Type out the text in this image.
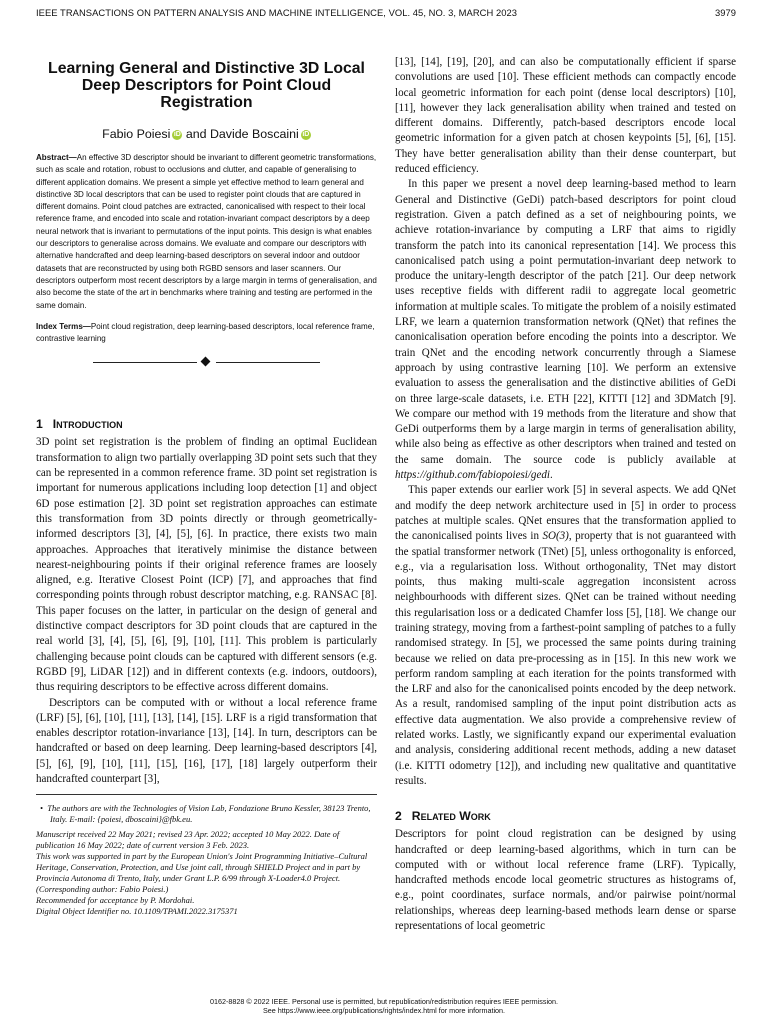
IEEE TRANSACTIONS ON PATTERN ANALYSIS AND MACHINE INTELLIGENCE, VOL. 45, NO. 3, MARCH 2023	3979
Learning General and Distinctive 3D Local Deep Descriptors for Point Cloud Registration
Fabio Poiesi iD and Davide Boscaini iD
Abstract—An effective 3D descriptor should be invariant to different geometric transformations, such as scale and rotation, robust to occlusions and clutter, and capable of generalising to different application domains. We present a simple yet effective method to learn general and distinctive 3D local descriptors that can be used to register point clouds that are captured in different domains. Point cloud patches are extracted, canonicalised with respect to their local reference frame, and encoded into scale and rotation-invariant compact descriptors by a deep neural network that is invariant to permutations of the input points. This design is what enables our descriptors to generalise across domains. We evaluate and compare our descriptors with alternative handcrafted and deep learning-based descriptors on several indoor and outdoor datasets that are reconstructed by using both RGBD sensors and laser scanners. Our descriptors outperform most recent descriptors by a large margin in terms of generalisation, and also become the state of the art in benchmarks where training and testing are performed in the same domain.
Index Terms—Point cloud registration, deep learning-based descriptors, local reference frame, contrastive learning
1 Introduction

3D point set registration is the problem of finding an optimal Euclidean transformation to align two partially overlapping 3D point sets such that they can be represented in a common reference frame. 3D point set registration is important for numerous applications including loop detection [1] and object 6D pose estimation [2]. 3D point set registration approaches can estimate this transformation from 3D points directly or through geometrically-informed descriptors [3], [4], [5], [6]. In practice, there exists two main approaches. Approaches that iteratively minimise the distance between nearest-neighbouring points if their original reference frames are loosely aligned, e.g. Iterative Closest Point (ICP) [7], and approaches that find corresponding points through robust descriptor matching, e.g. RANSAC [8]. This paper focuses on the latter, in particular on the design of general and distinctive compact descriptors for 3D point clouds that are captured in the real world [3], [4], [5], [6], [9], [10], [11]. This problem is particularly challenging because point clouds can be captured with different sensors (e.g. RGBD [9], LiDAR [12]) and in different contexts (e.g. indoors, outdoors), thus requiring descriptors to be effective across different domains.

Descriptors can be computed with or without a local reference frame (LRF) [5], [6], [10], [11], [13], [14], [15]. LRF is a rigid transformation that enables descriptor rotation-invariance [13], [14]. In turn, descriptors can be handcrafted or based on deep learning. Deep learning-based descriptors [4], [5], [6], [9], [10], [11], [15], [16], [17], [18] largely outperform their handcrafted counterpart [3],

•  The authors are with the Technologies of Vision Lab, Fondazione Bruno Kessler, 38123 Trento, Italy. E-mail: {poiesi, dboscaini}@fbk.eu.
Manuscript received 22 May 2021; revised 23 Apr. 2022; accepted 10 May 2022. Date of publication 16 May 2022; date of current version 3 Feb. 2023.
This work was supported in part by the European Union's Joint Programming Initiative–Cultural Heritage, Conservation, Protection, and Use joint call, through SHIELD Project and in part by Provincia Autonoma di Trento, Italy, under Grant L.P. 6/99 through X-Loader4.0 Project.
(Corresponding author: Fabio Poiesi.)
Recommended for acceptance by P. Mordohai.
Digital Object Identifier no. 10.1109/TPAMI.2022.3175371

[13], [14], [19], [20], and can also be computationally efficient if sparse convolutions are used [10]. These efficient methods can compactly encode local geometric information for each point (dense local descriptors) [10], [11], however they lack generalisation ability when trained and tested on different domains. Differently, patch-based descriptors encode local geometric information for a given patch at chosen keypoints [5], [6], [15]. They have better generalisation ability than their dense counterpart, but reduced efficiency.

In this paper we present a novel deep learning-based method to learn General and Distinctive (GeDi) patch-based descriptors for point cloud registration. Given a patch defined as a set of neighbouring points, we achieve rotation-invariance by computing a LRF that aims to rigidly transform the patch into its canonical representation [14]. We process this canonicalised patch using a point permutation-invariant deep network to produce the unitary-length descriptor of the patch [21]. Our deep network uses receptive fields with different radii to aggregate local geometric information at multiple scales. To mitigate the problem of a noisily estimated LRF, we learn a quaternion transformation network (QNet) that refines the canonicalisation operation before encoding the points into a descriptor. We train QNet and the encoding network concurrently through a Siamese approach by using contrastive learning [10]. We perform an extensive evaluation to assess the generalisation and the distinctive abilities of GeDi on three large-scale datasets, i.e. ETH [22], KITTI [12] and 3DMatch [9]. We compare our method with 19 methods from the literature and show that GeDi outperforms them by a large margin in terms of generalisation ability, while also being as effective as other descriptors when trained and tested on the same domain. The source code is publicly available at https://github.com/fabiopoiesi/gedi.

This paper extends our earlier work [5] in several aspects. We add QNet and modify the deep network architecture used in [5] in order to process patches at multiple scales. QNet ensures that the transformation applied to the canonicalised points lives in SO(3), property that is not guaranteed with the spatial transformer network (TNet) [5], unless orthogonality is enforced, e.g., via a regularisation loss. Without orthogonality, TNet may distort points, thus making multi-scale aggregation inconsistent across neighbourhoods with different sizes. QNet can be trained without needing this regularisation loss or a dedicated Chamfer loss [5], [18]. We change our training strategy, moving from a farthest-point sampling of patches to a fully randomised strategy. In [5], we processed the same points during training because we relied on data pre-processing as in [15]. In this new work we perform random sampling at each iteration for the points transformed with the LRF and also for the canonicalised points encoded by the deep network. As a result, randomised sampling of the input point distribution acts as effective data augmentation. We also provide a comprehensive review of related works. Lastly, we significantly expand our experimental evaluation and analysis, considering additional recent methods, adding a new dataset (i.e. KITTI odometry [12]), and including new qualitative and quantitative results.

2 Related Work

Descriptors for point cloud registration can be designed by using handcrafted or deep learning-based algorithms, which in turn can be computed with or without local reference frame (LRF). Typically, handcrafted methods encode local geometric structures as histograms of, e.g., point coordinates, surface normals, and/or pairwise point/normal relationships, whereas deep learning-based methods learn dense or sparse representations of local geometric

0162-8828 © 2022 IEEE. Personal use is permitted, but republication/redistribution requires IEEE permission.
See https://www.ieee.org/publications/rights/index.html for more information.
